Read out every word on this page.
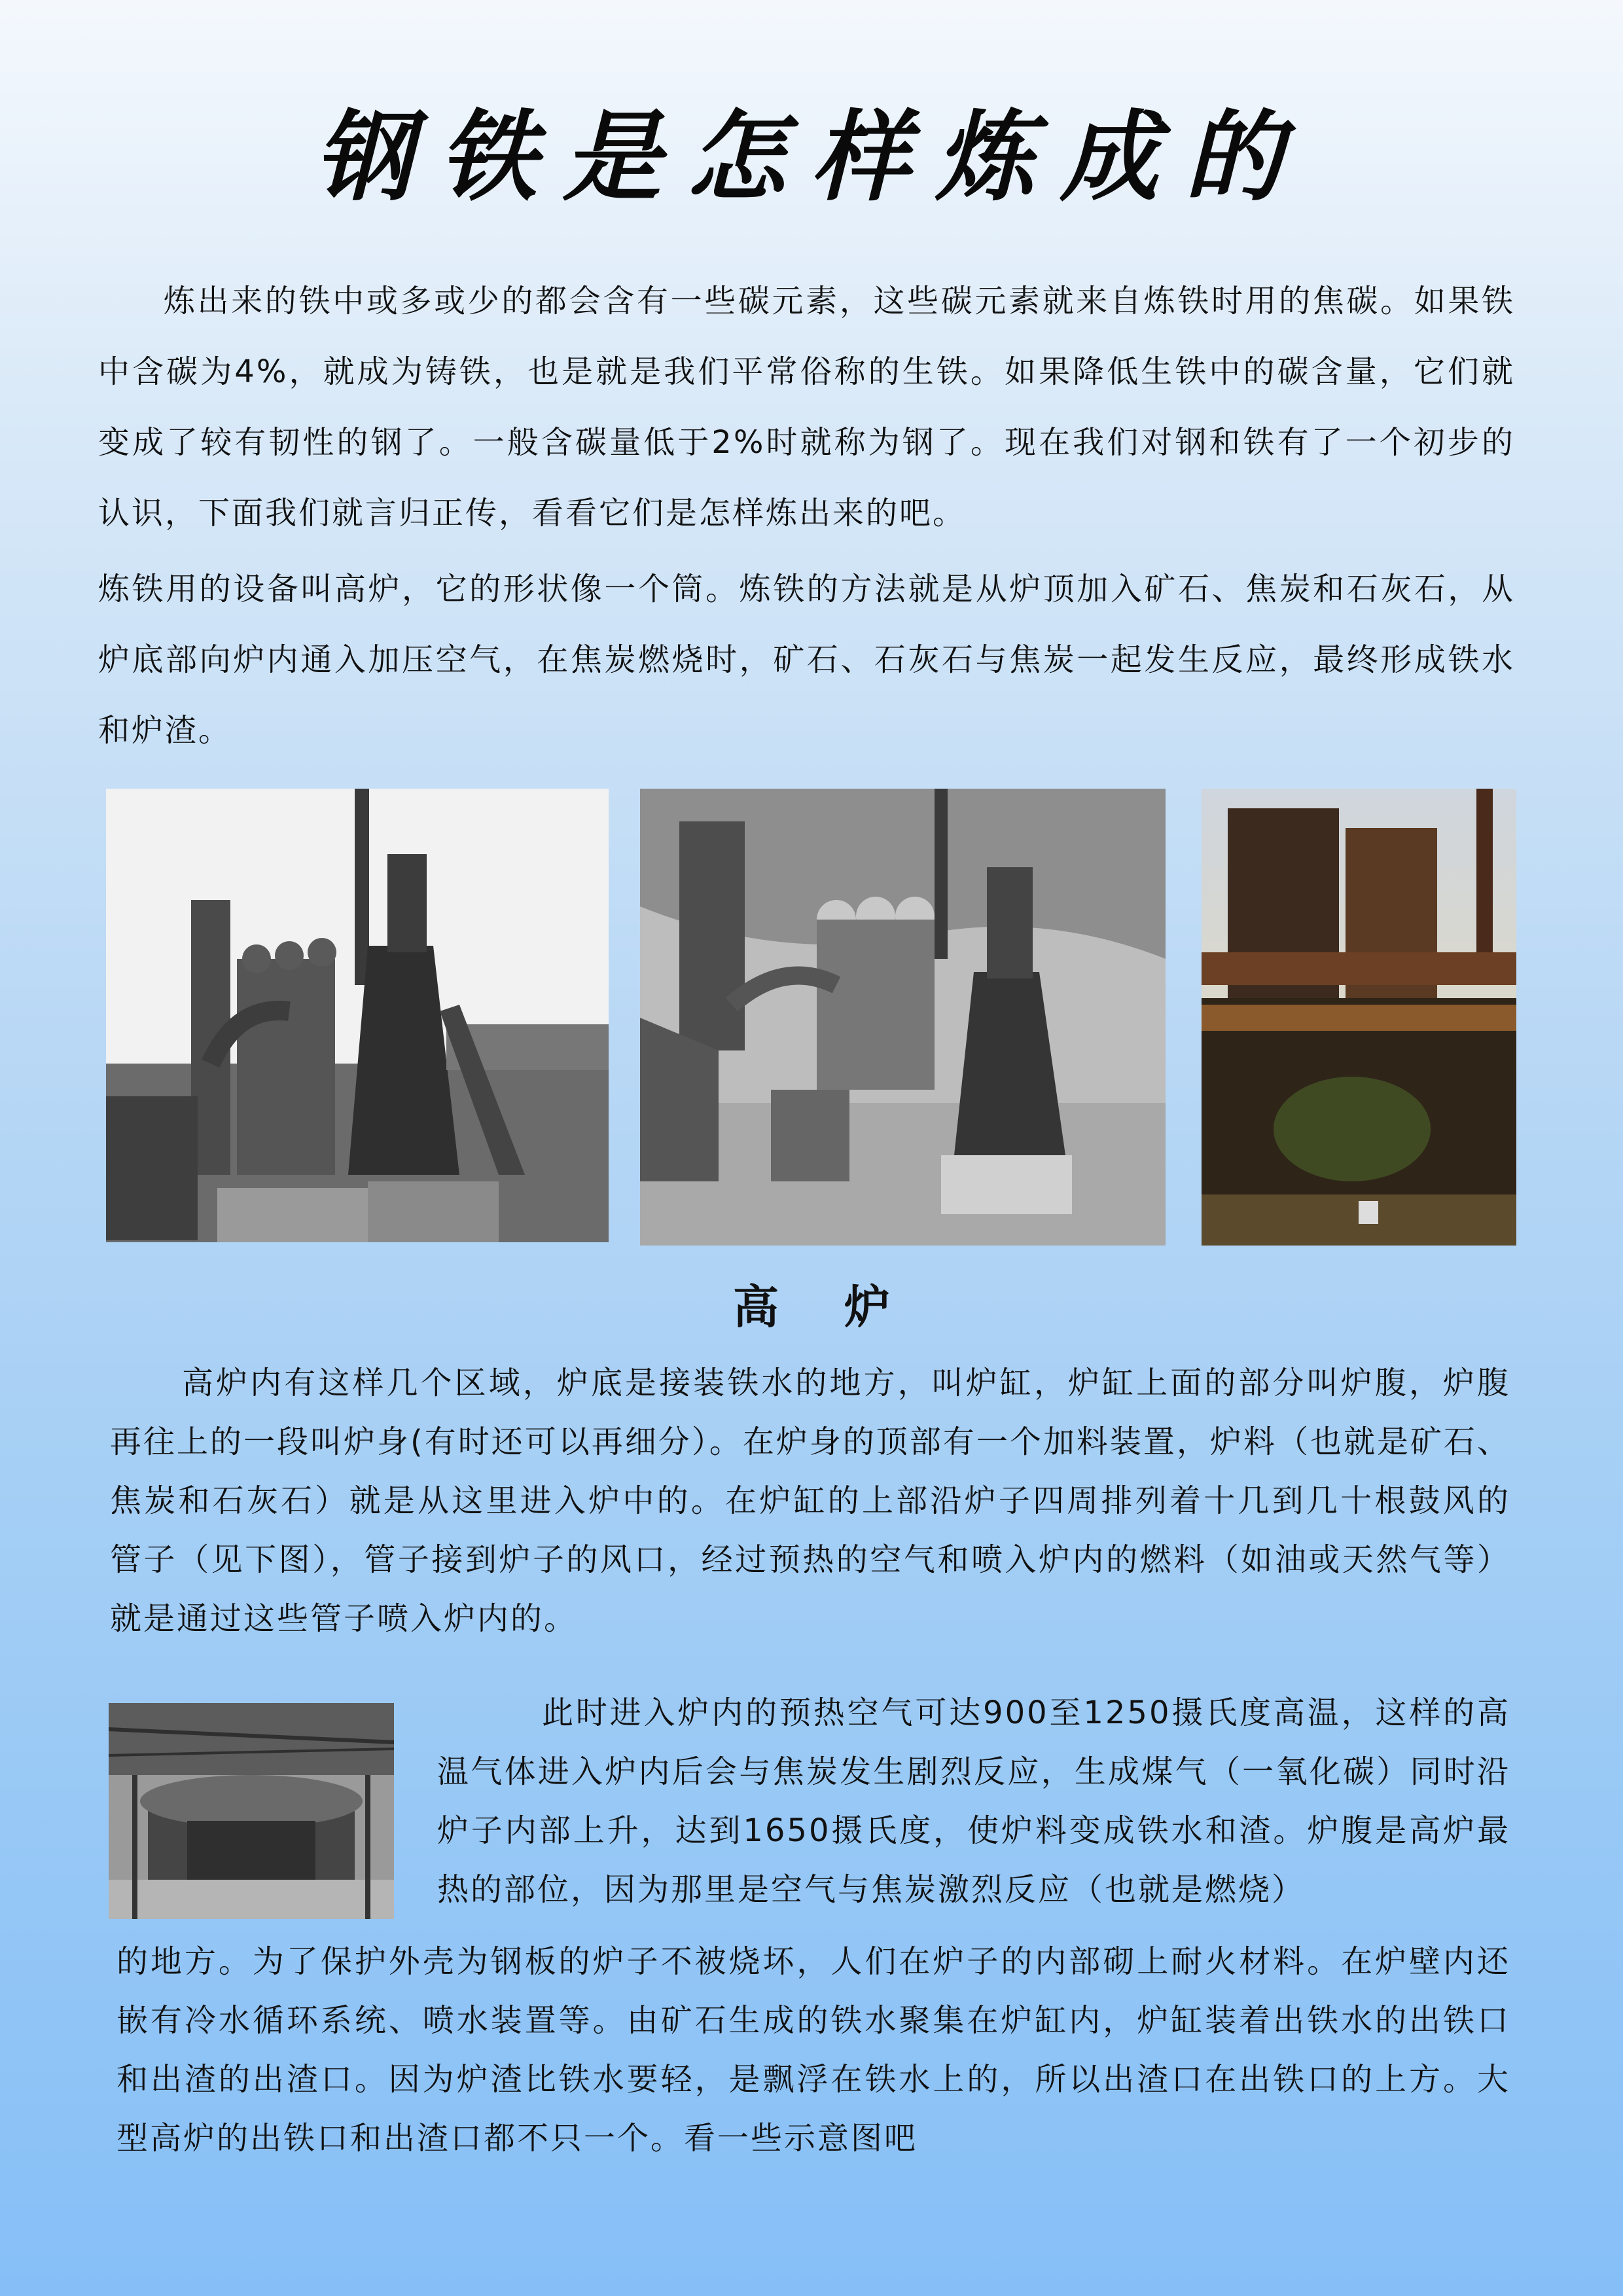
钢铁是怎样炼成的

炼出来的铁中或多或少的都会含有一些碳元素，这些碳元素就来自炼铁时用的焦碳。如果铁中含碳为4%，就成为铸铁，也是就是我们平常俗称的生铁。如果降低生铁中的碳含量，它们就变成了较有韧性的钢了。一般含碳量低于2%时就称为钢了。现在我们对钢和铁有了一个初步的认识，下面我们就言归正传，看看它们是怎样炼出来的吧。

炼铁用的设备叫高炉，它的形状像一个筒。炼铁的方法就是从炉顶加入矿石、焦炭和石灰石，从炉底部向炉内通入加压空气，在焦炭燃烧时，矿石、石灰石与焦炭一起发生反应，最终形成铁水和炉渣。

高炉

高炉内有这样几个区域，炉底是接装铁水的地方，叫炉缸，炉缸上面的部分叫炉腹，炉腹再往上的一段叫炉身(有时还可以再细分）。在炉身的顶部有一个加料装置，炉料（也就是矿石、焦炭和石灰石）就是从这里进入炉中的。在炉缸的上部沿炉子四周排列着十几到几十根鼓风的管子（见下图），管子接到炉子的风口，经过预热的空气和喷入炉内的燃料（如油或天然气等）就是通过这些管子喷入炉内的。

此时进入炉内的预热空气可达900至1250摄氏度高温，这样的高温气体进入炉内后会与焦炭发生剧烈反应，生成煤气（一氧化碳）同时沿炉子内部上升，达到1650摄氏度，使炉料变成铁水和渣。炉腹是高炉最热的部位，因为那里是空气与焦炭激烈反应（也就是燃烧）

的地方。为了保护外壳为钢板的炉子不被烧坏，人们在炉子的内部砌上耐火材料。在炉壁内还嵌有冷水循环系统、喷水装置等。由矿石生成的铁水聚集在炉缸内，炉缸装着出铁水的出铁口和出渣的出渣口。因为炉渣比铁水要轻，是飘浮在铁水上的，所以出渣口在出铁口的上方。大型高炉的出铁口和出渣口都不只一个。看一些示意图吧
